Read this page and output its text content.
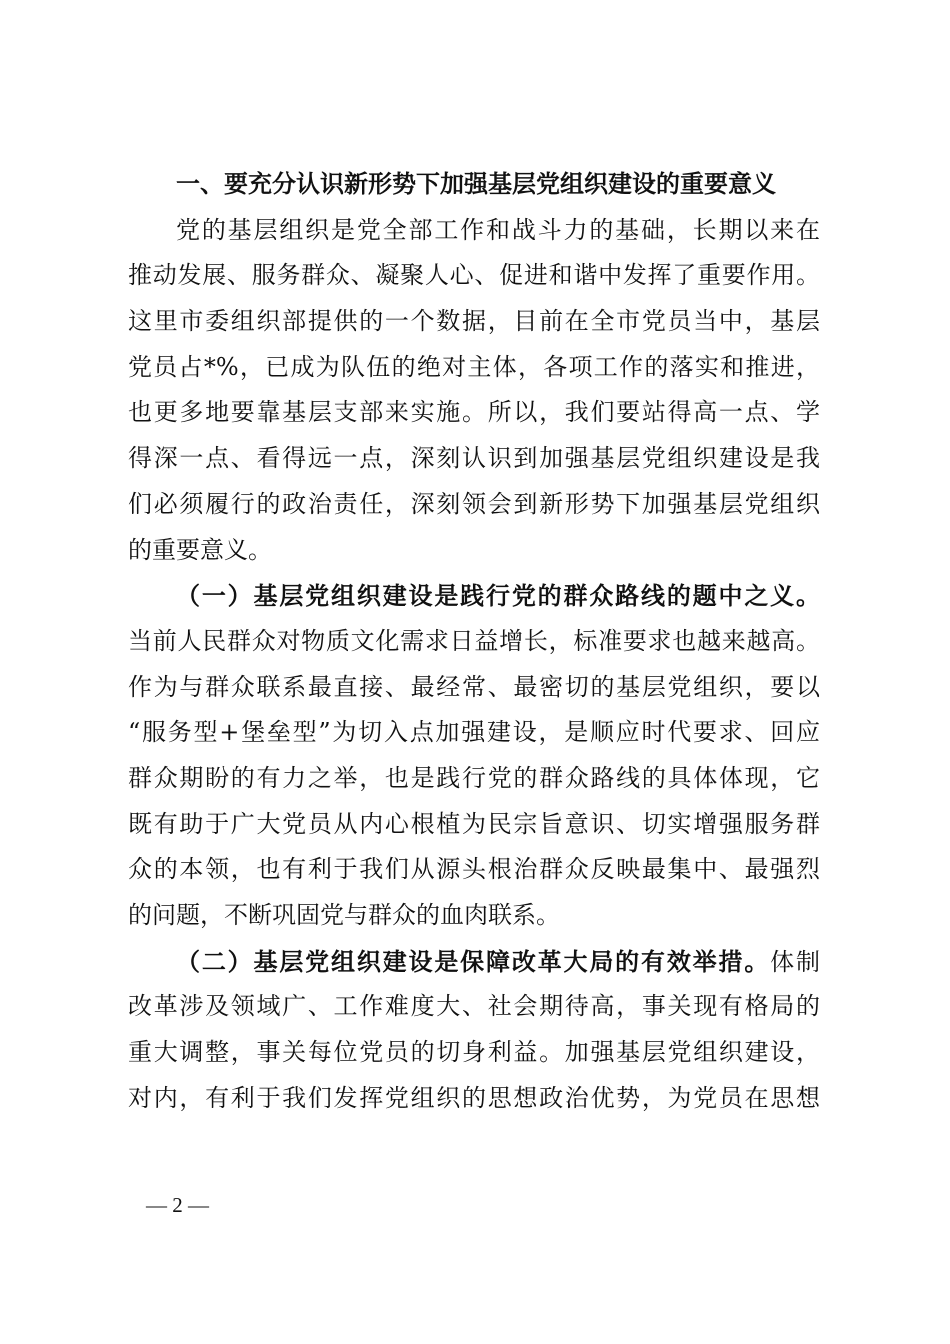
一、要充分认识新形势下加强基层党组织建设的重要意义
党的基层组织是党全部工作和战斗力的基础，长期以来在
推动发展、服务群众、凝聚人心、促进和谐中发挥了重要作用。
这里市委组织部提供的一个数据，目前在全市党员当中，基层
党员占*%，已成为队伍的绝对主体，各项工作的落实和推进，
也更多地要靠基层支部来实施。所以，我们要站得高一点、学
得深一点、看得远一点，深刻认识到加强基层党组织建设是我
们必须履行的政治责任，深刻领会到新形势下加强基层党组织
的重要意义。
（一）基层党组织建设是践行党的群众路线的题中之义。
当前人民群众对物质文化需求日益增长，标准要求也越来越高。
作为与群众联系最直接、最经常、最密切的基层党组织，要以
“服务型+堡垒型”为切入点加强建设，是顺应时代要求、回应
群众期盼的有力之举，也是践行党的群众路线的具体体现，它
既有助于广大党员从内心根植为民宗旨意识、切实增强服务群
众的本领，也有利于我们从源头根治群众反映最集中、最强烈
的问题，不断巩固党与群众的血肉联系。
（二）基层党组织建设是保障改革大局的有效举措。体制
改革涉及领域广、工作难度大、社会期待高，事关现有格局的
重大调整，事关每位党员的切身利益。加强基层党组织建设，
对内，有利于我们发挥党组织的思想政治优势，为党员在思想
— 2 —
